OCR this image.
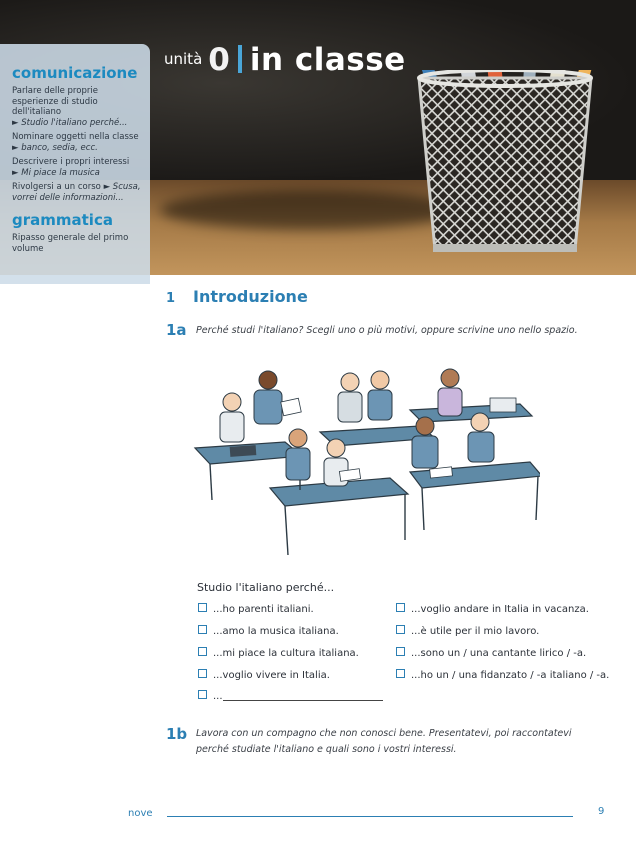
unità 0 in classe
comunicazione
Parlare delle proprie esperienze di studio dell'italiano
► Studio l'italiano perché...
Nominare oggetti nella classe
► banco, sedia, ecc.
Descrivere i propri interessi
► Mi piace la musica
Rivolgersi a un corso ► Scusa, vorrei delle informazioni...
grammatica
Ripasso generale del primo volume
1 Introduzione
1a Perché studi l'italiano? Scegli uno o più motivi, oppure scrivine uno nello spazio.
Studio l'italiano perché...
...ho parenti italiani.
...amo la musica italiana.
...mi piace la cultura italiana.
...voglio vivere in Italia.
...
...voglio andare in Italia in vacanza.
...è utile per il mio lavoro.
...sono un / una cantante lirico / -a.
...ho un / una fidanzato / -a italiano / -a.
1b Lavora con un compagno che non conosci bene. Presentatevi, poi raccontatevi perché studiate l'italiano e quali sono i vostri interessi.
nove	9
